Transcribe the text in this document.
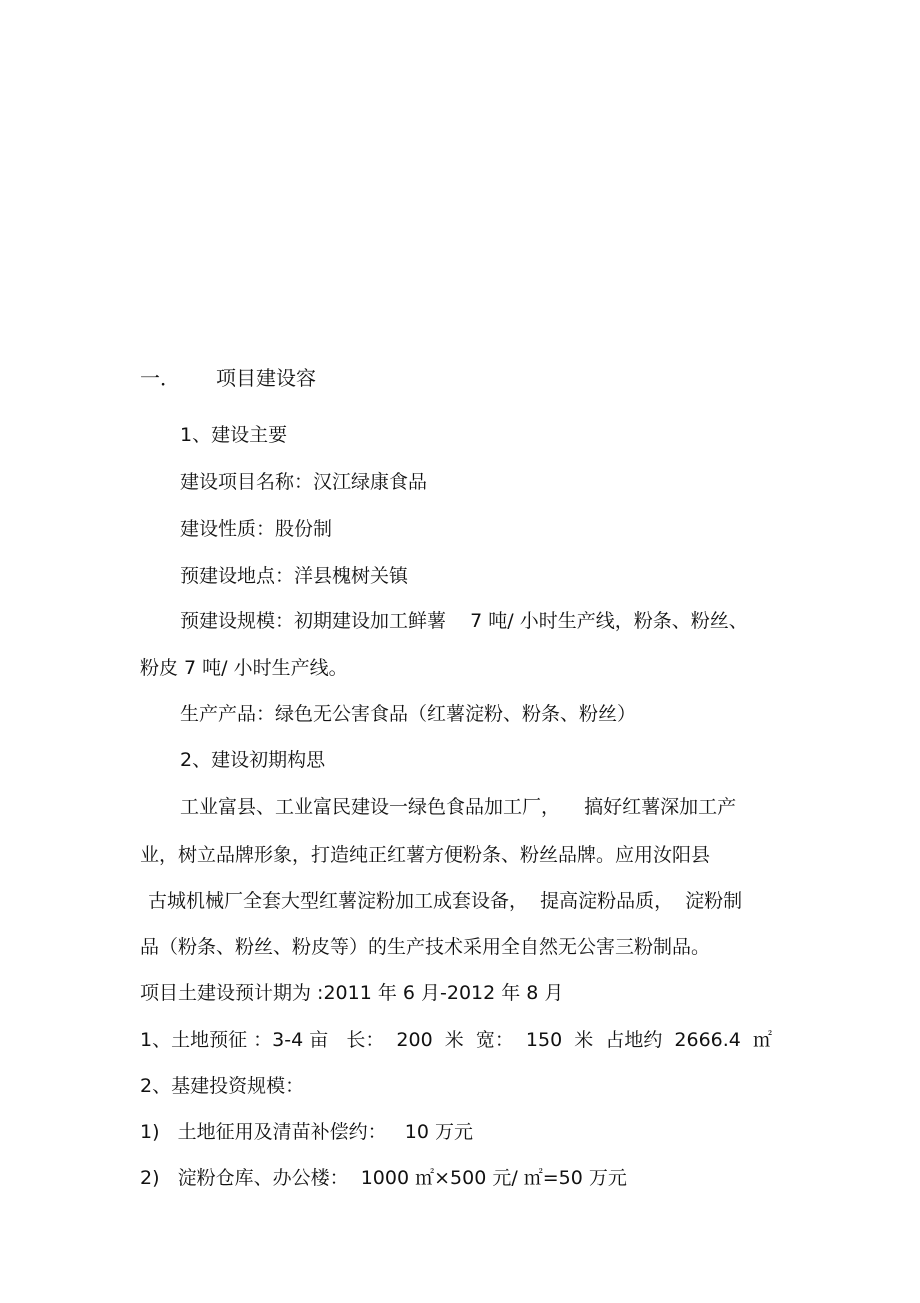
一． 项目建设容
1、建设主要
建设项目名称：汉江绿康食品
建设性质：股份制
预建设地点：洋县槐树关镇
预建设规模：初期建设加工鲜薯    7 吨/ 小时生产线，粉条、粉丝、
粉皮 7 吨/ 小时生产线。
生产产品：绿色无公害食品（红薯淀粉、粉条、粉丝）
2、建设初期构思
工业富县、工业富民建设一绿色食品加工厂，    搞好红薯深加工产
业，树立品牌形象，打造纯正红薯方便粉条、粉丝品牌。应用汝阳县
古城机械厂全套大型红薯淀粉加工成套设备，  提高淀粉品质，  淀粉制
品（粉条、粉丝、粉皮等）的生产技术采用全自然无公害三粉制品。
项目土建设预计期为 :2011 年 6 月-2012 年 8 月
1、土地预征 ：3-4 亩   长：  200  米  宽：  150  米  占地约  2666.4  ㎡
2、基建投资规模：
1)   土地征用及清苗补偿约：   10 万元
2)   淀粉仓库、办公楼：  1000 ㎡×500 元/ ㎡=50 万元
